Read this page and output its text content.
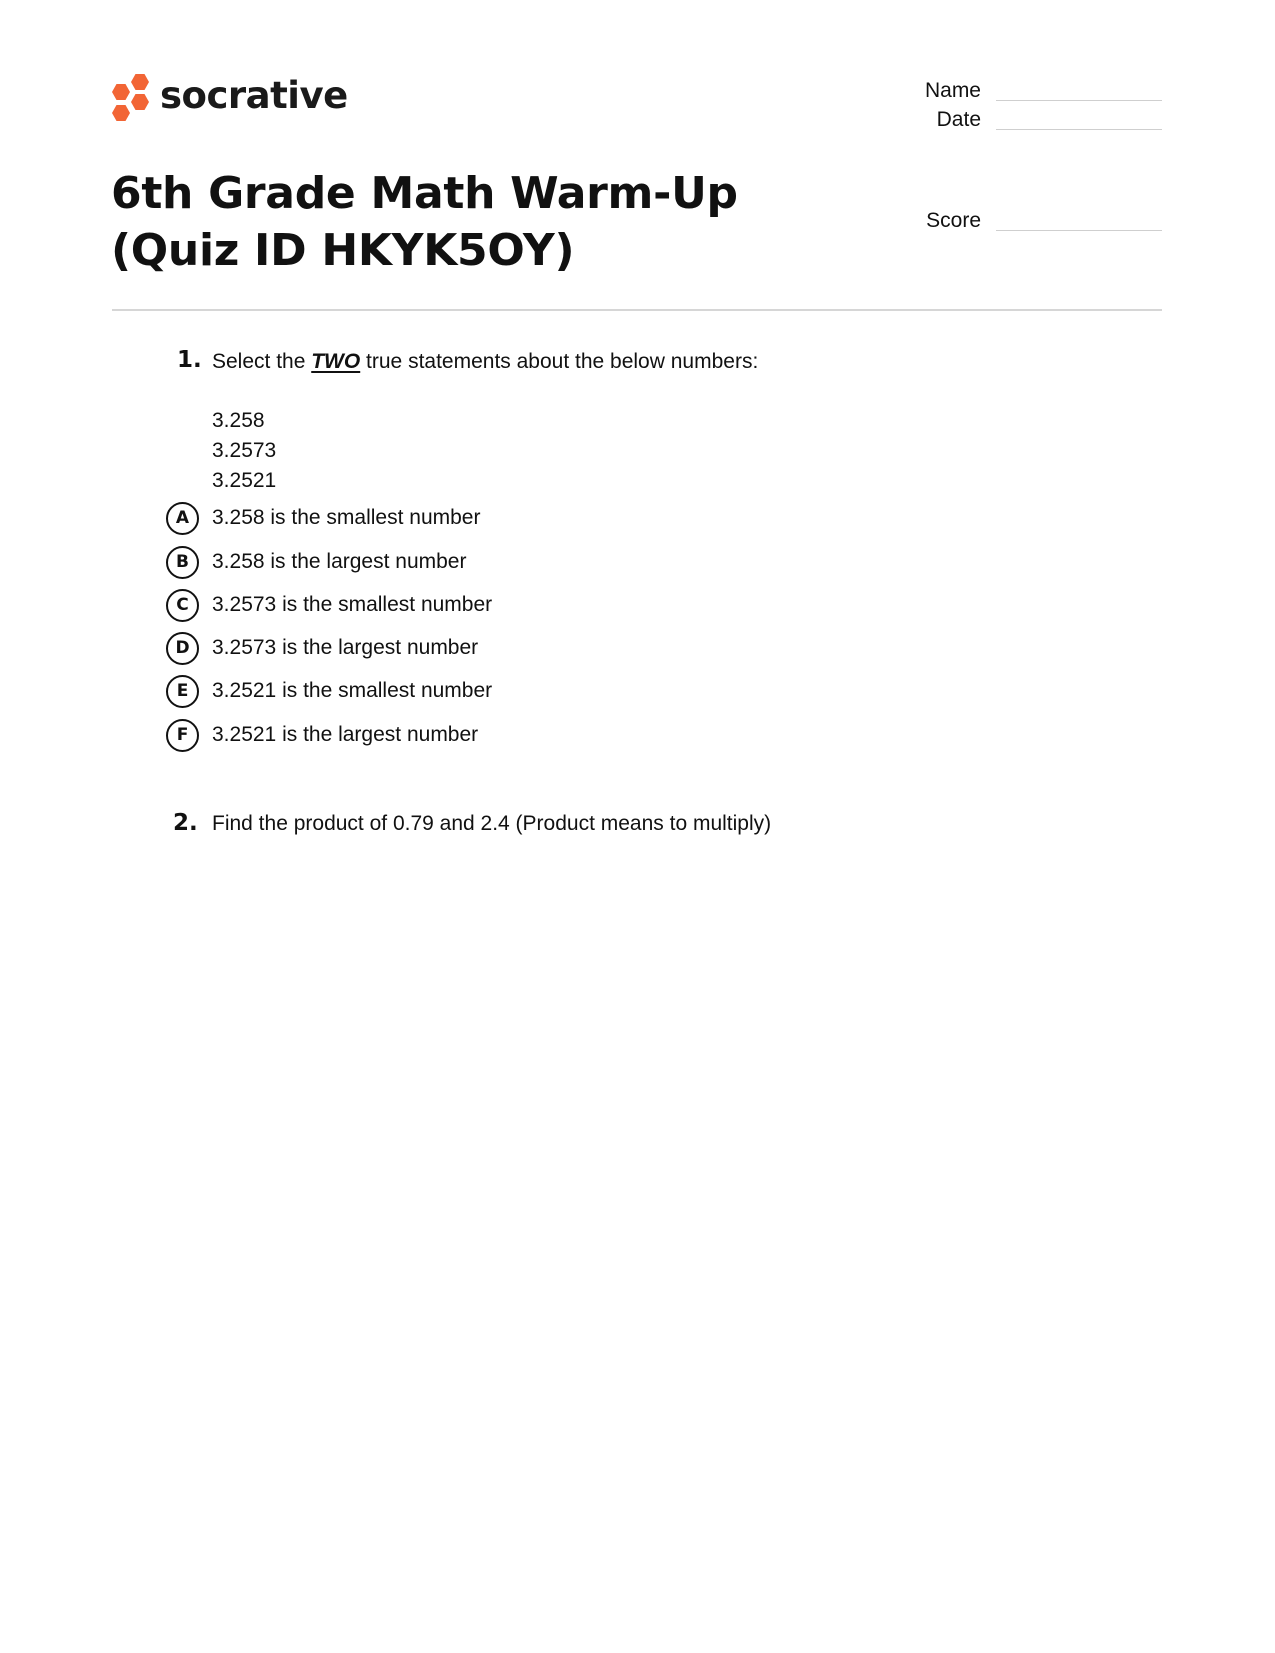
socrative	Name
Date
Score
6th Grade Math Warm-Up (Quiz ID HKYK5OY)
1. Select the TWO true statements about the below numbers:
3.258
3.2573
3.2521
A	3.258 is the smallest number
B	3.258 is the largest number
C	3.2573 is the smallest number
D	3.2573 is the largest number
E	3.2521 is the smallest number
F	3.2521 is the largest number
2. Find the product of 0.79 and 2.4 (Product means to multiply)
